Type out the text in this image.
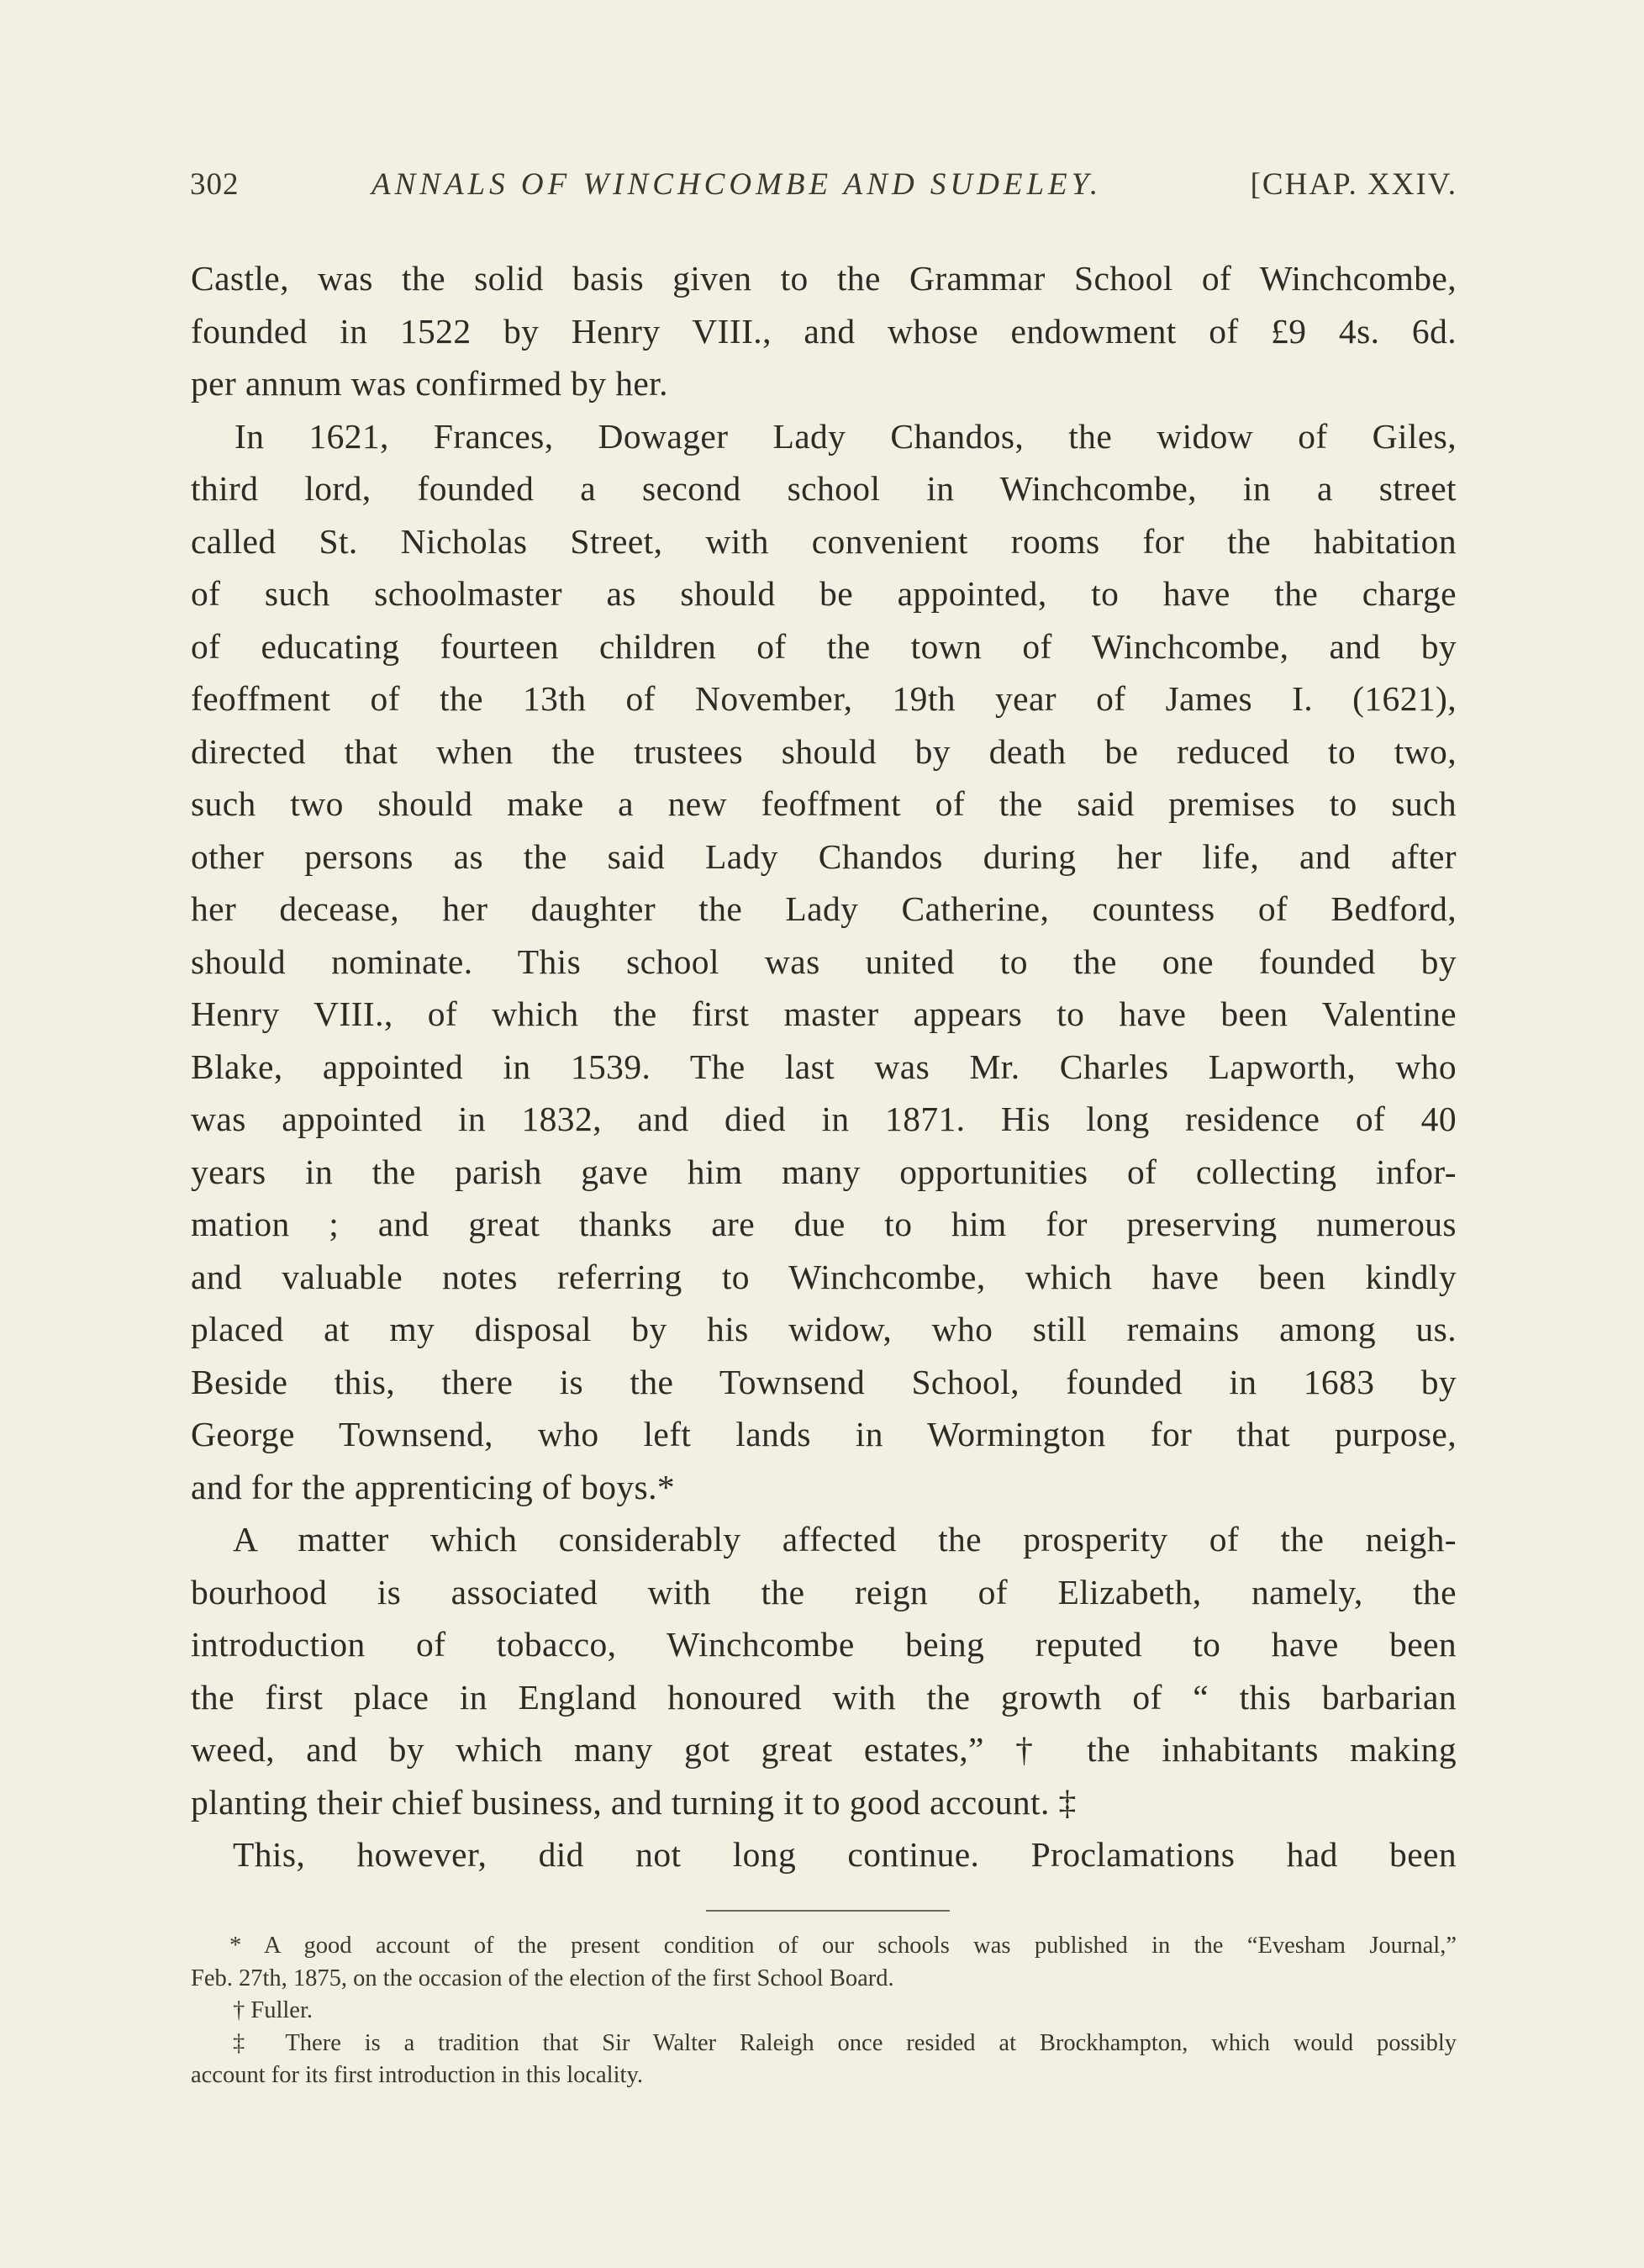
302	ANNALS OF WINCHCOMBE AND SUDELEY.	[CHAP. XXIV.

Castle, was the solid basis given to the Grammar School of Winchcombe,
founded in 1522 by Henry VIII., and whose endowment of £9 4s. 6d.
per annum was confirmed by her.

In 1621, Frances, Dowager Lady Chandos, the widow of Giles,
third lord, founded a second school in Winchcombe, in a street
called St. Nicholas Street, with convenient rooms for the habitation
of such schoolmaster as should be appointed, to have the charge
of educating fourteen children of the town of Winchcombe, and by
feoffment of the 13th of November, 19th year of James I. (1621),
directed that when the trustees should by death be reduced to two,
such two should make a new feoffment of the said premises to such
other persons as the said Lady Chandos during her life, and after
her decease, her daughter the Lady Catherine, countess of Bedford,
should nominate. This school was united to the one founded by
Henry VIII., of which the first master appears to have been Valentine
Blake, appointed in 1539. The last was Mr. Charles Lapworth, who
was appointed in 1832, and died in 1871. His long residence of 40
years in the parish gave him many opportunities of collecting infor-
mation ; and great thanks are due to him for preserving numerous
and valuable notes referring to Winchcombe, which have been kindly
placed at my disposal by his widow, who still remains among us.
Beside this, there is the Townsend School, founded in 1683 by
George Townsend, who left lands in Wormington for that purpose,
and for the apprenticing of boys.*

A matter which considerably affected the prosperity of the neigh-
bourhood is associated with the reign of Elizabeth, namely, the
introduction of tobacco, Winchcombe being reputed to have been
the first place in England honoured with the growth of “ this barbarian
weed, and by which many got great estates,” † the inhabitants making
planting their chief business, and turning it to good account. ‡

This, however, did not long continue. Proclamations had been

* A good account of the present condition of our schools was published in the “Evesham Journal,”
Feb. 27th, 1875, on the occasion of the election of the first School Board.
† Fuller.
‡ There is a tradition that Sir Walter Raleigh once resided at Brockhampton, which would possibly
account for its first introduction in this locality.
